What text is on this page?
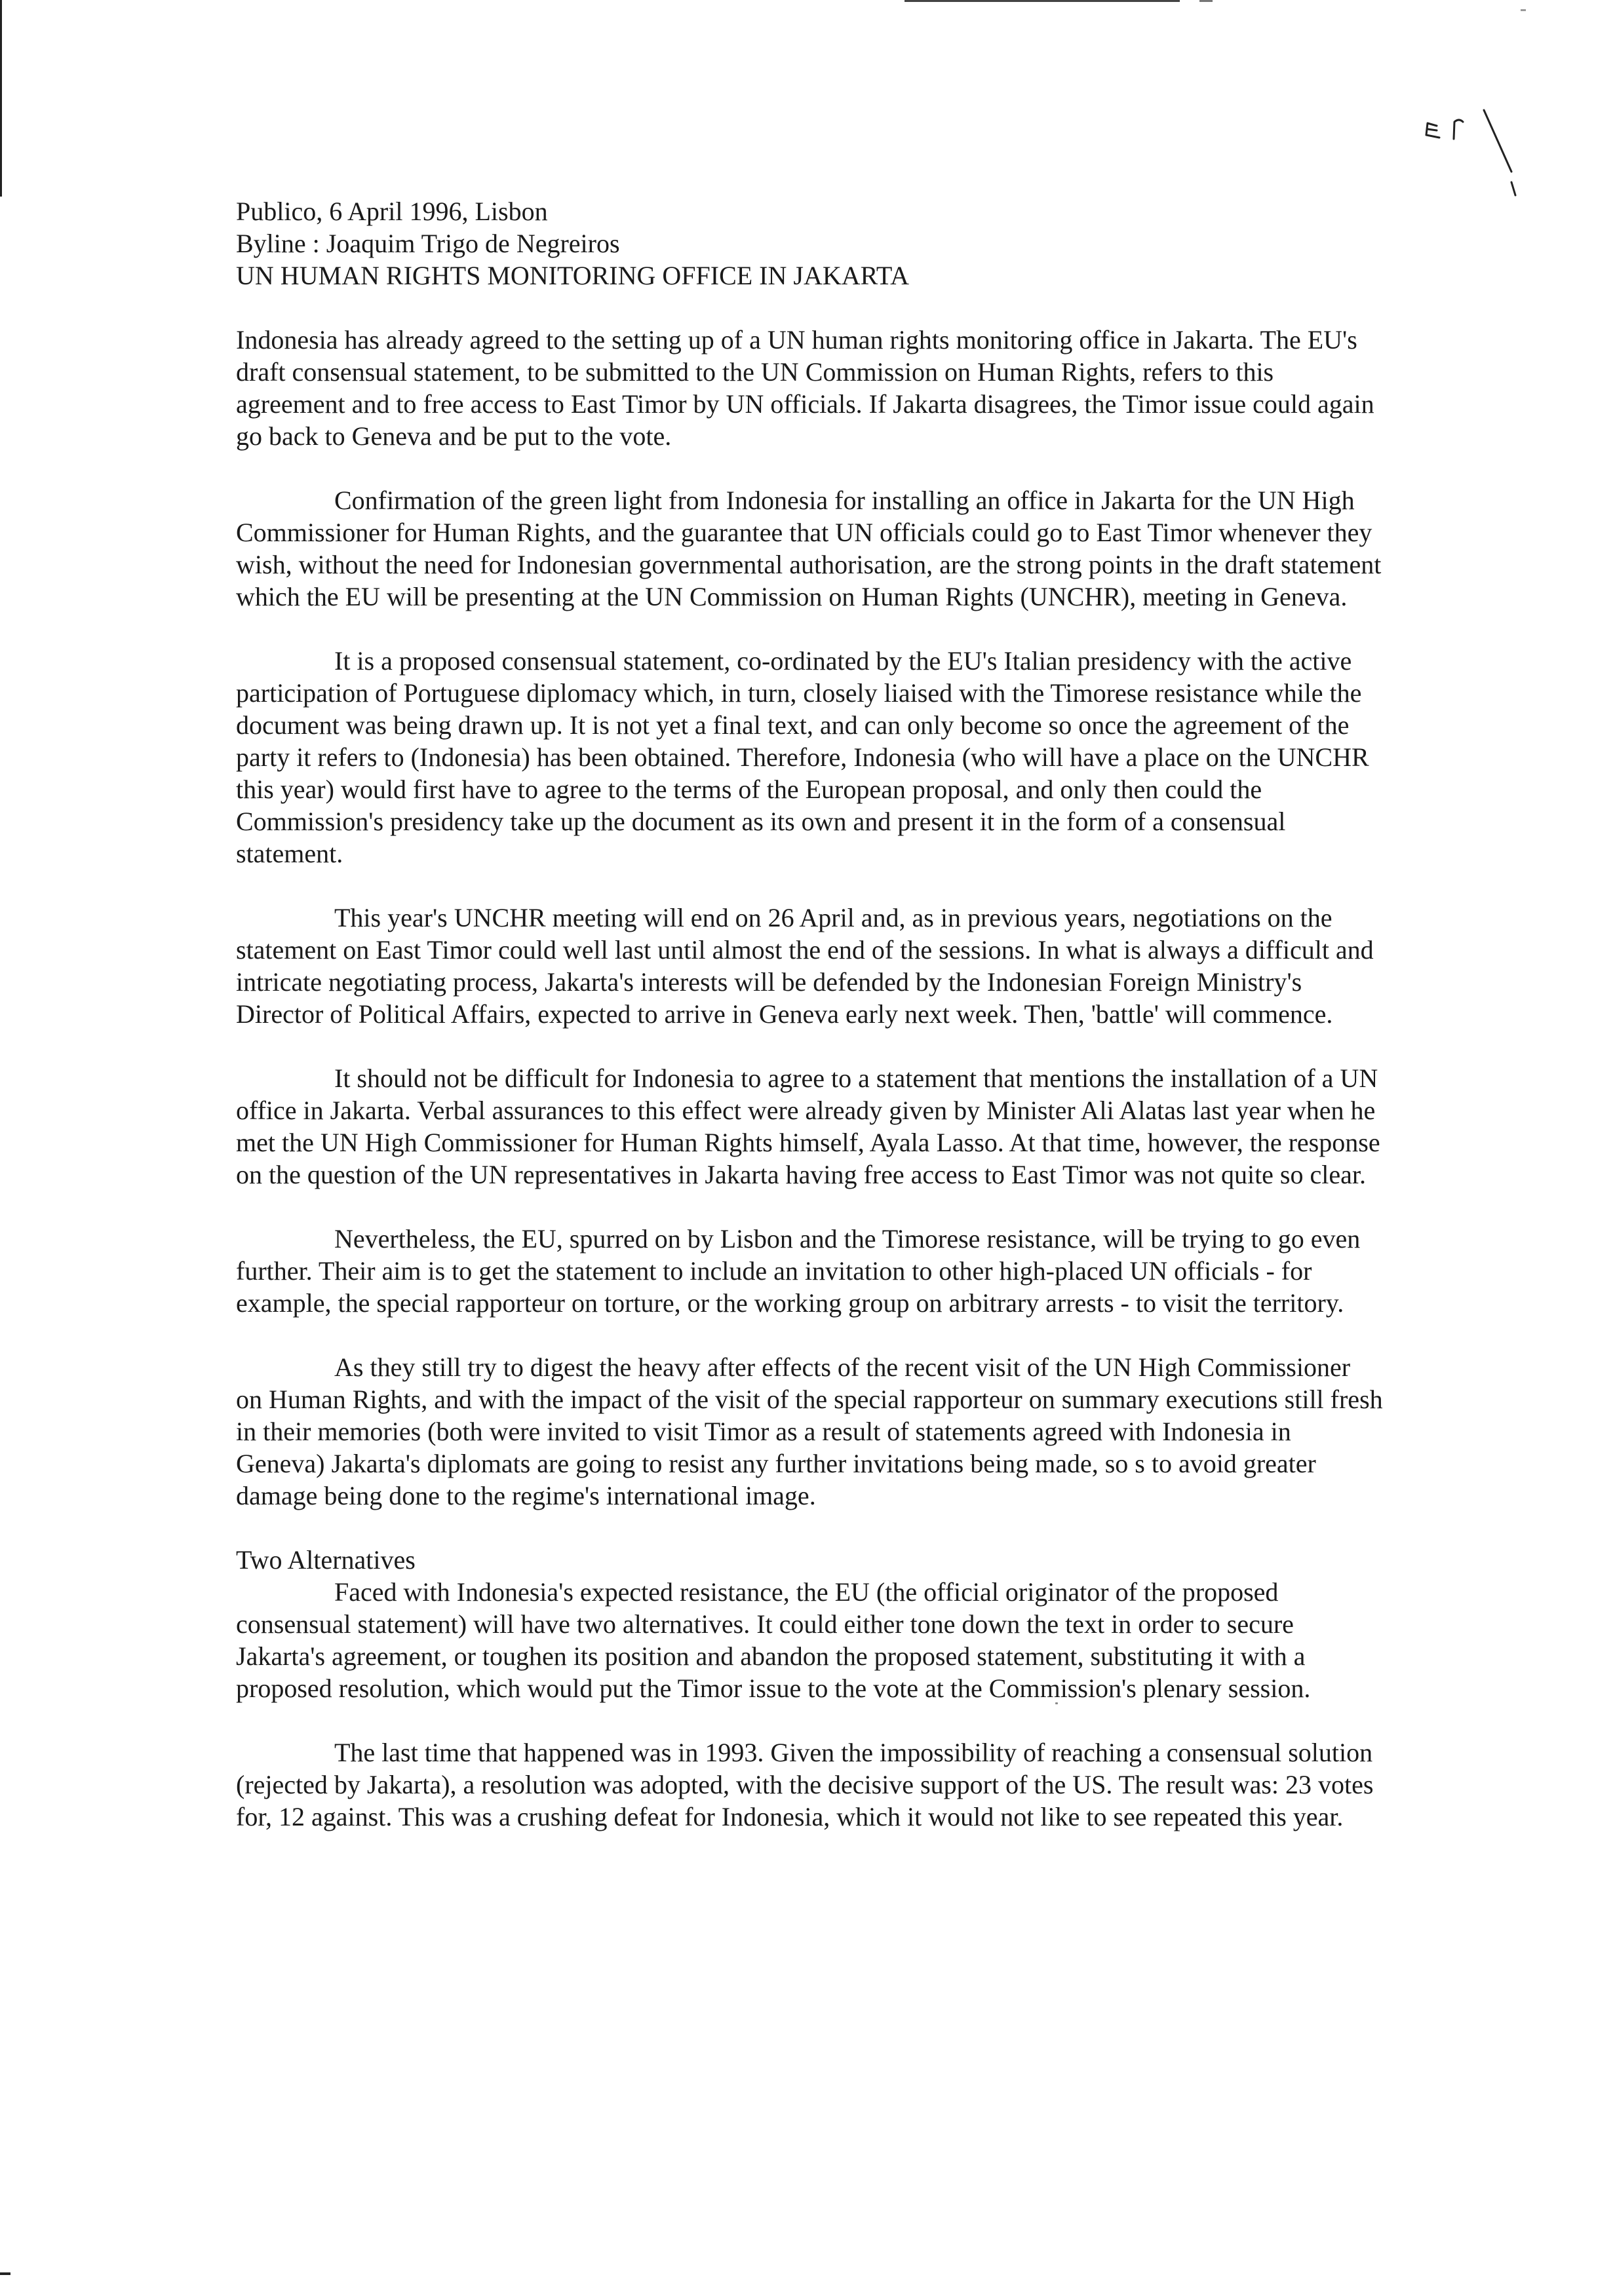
Publico, 6 April 1996, Lisbon

Byline : Joaquim Trigo de Negreiros

UN HUMAN RIGHTS MONITORING OFFICE IN JAKARTA

Indonesia has already agreed to the setting up of a UN human rights monitoring office in Jakarta. The EU's draft consensual statement, to be submitted to the UN Commission on Human Rights, refers to this agreement and to free access to East Timor by UN officials. If Jakarta disagrees, the Timor issue could again go back to Geneva and be put to the vote.

Confirmation of the green light from Indonesia for installing an office in Jakarta for the UN High Commissioner for Human Rights, and the guarantee that UN officials could go to East Timor whenever they wish, without the need for Indonesian governmental authorisation, are the strong points in the draft statement which the EU will be presenting at the UN Commission on Human Rights (UNCHR), meeting in Geneva.

It is a proposed consensual statement, co-ordinated by the EU's Italian presidency with the active participation of Portuguese diplomacy which, in turn, closely liaised with the Timorese resistance while the document was being drawn up. It is not yet a final text, and can only become so once the agreement of the party it refers to (Indonesia) has been obtained. Therefore, Indonesia (who will have a place on the UNCHR this year) would first have to agree to the terms of the European proposal, and only then could the Commission's presidency take up the document as its own and present it in the form of a consensual statement.

This year's UNCHR meeting will end on 26 April and, as in previous years, negotiations on the statement on East Timor could well last until almost the end of the sessions. In what is always a difficult and intricate negotiating process, Jakarta's interests will be defended by the Indonesian Foreign Ministry's Director of Political Affairs, expected to arrive in Geneva early next week. Then, 'battle' will commence.

It should not be difficult for Indonesia to agree to a statement that mentions the installation of a UN office in Jakarta. Verbal assurances to this effect were already given by Minister Ali Alatas last year when he met the UN High Commissioner for Human Rights himself, Ayala Lasso. At that time, however, the response on the question of the UN representatives in Jakarta having free access to East Timor was not quite so clear.

Nevertheless, the EU, spurred on by Lisbon and the Timorese resistance, will be trying to go even further. Their aim is to get the statement to include an invitation to other high-placed UN officials - for example, the special rapporteur on torture, or the working group on arbitrary arrests - to visit the territory.

As they still try to digest the heavy after effects of the recent visit of the UN High Commissioner on Human Rights, and with the impact of the visit of the special rapporteur on summary executions still fresh in their memories (both were invited to visit Timor as a result of statements agreed with Indonesia in Geneva) Jakarta's diplomats are going to resist any further invitations being made, so s to avoid greater damage being done to the regime's international image.

Two Alternatives

Faced with Indonesia's expected resistance, the EU (the official originator of the proposed consensual statement) will have two alternatives. It could either tone down the text in order to secure Jakarta's agreement, or toughen its position and abandon the proposed statement, substituting it with a proposed resolution, which would put the Timor issue to the vote at the Commission's plenary session.

The last time that happened was in 1993. Given the impossibility of reaching a consensual solution (rejected by Jakarta), a resolution was adopted, with the decisive support of the US. The result was: 23 votes for, 12 against. This was a crushing defeat for Indonesia, which it would not like to see repeated this year.
